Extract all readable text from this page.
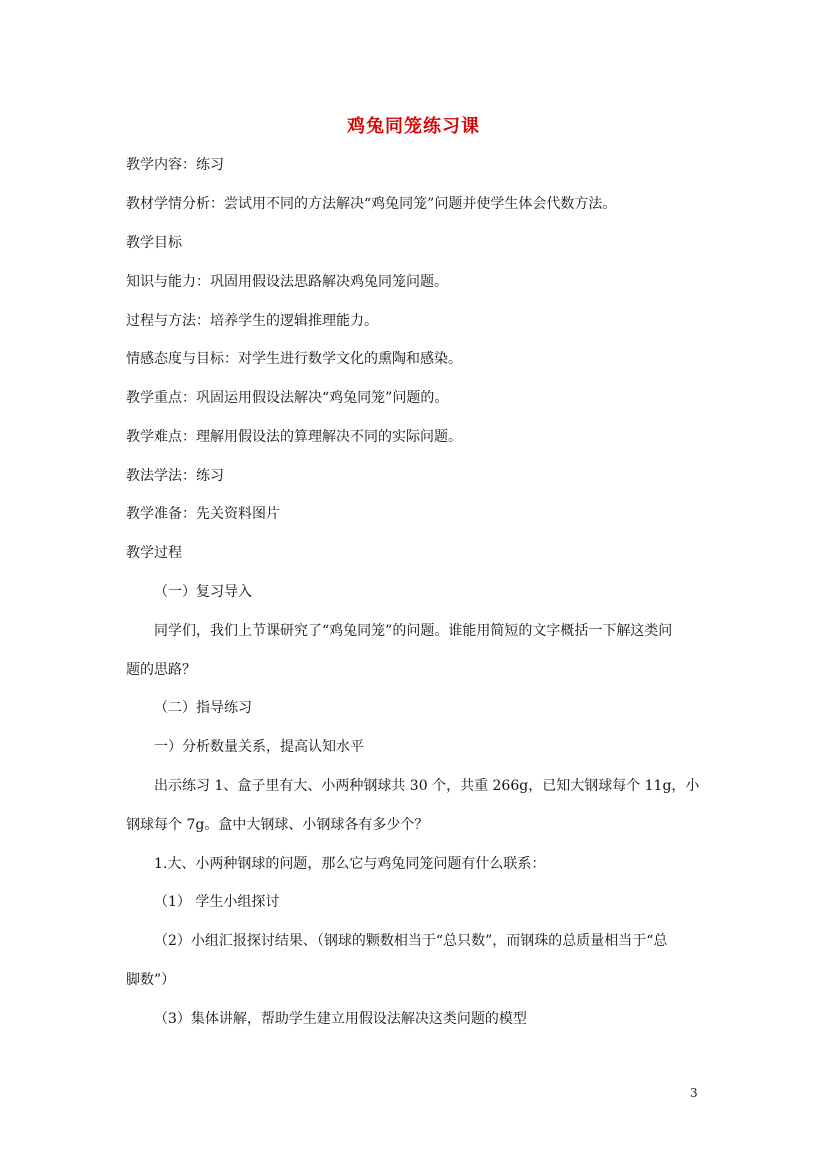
鸡兔同笼练习课
教学内容：练习
教材学情分析：尝试用不同的方法解决“鸡兔同笼”问题并使学生体会代数方法。
教学目标
知识与能力：巩固用假设法思路解决鸡兔同笼问题。
过程与方法：培养学生的逻辑推理能力。
情感态度与目标：对学生进行数学文化的熏陶和感染。
教学重点：巩固运用假设法解决“鸡兔同笼”问题的。
教学难点：理解用假设法的算理解决不同的实际问题。
教法学法：练习
教学准备：先关资料图片
教学过程
（一）复习导入
同学们，我们上节课研究了“鸡兔同笼”的问题。谁能用简短的文字概括一下解这类问
题的思路？
（二）指导练习
一）分析数量关系，提高认知水平
出示练习 1、盒子里有大、小两种钢球共 30 个，共重 266g，已知大钢球每个 11g，小
钢球每个 7g。盒中大钢球、小钢球各有多少个？
1.大、小两种钢球的问题，那么它与鸡兔同笼问题有什么联系：
（1） 学生小组探讨
（2）小组汇报探讨结果、（钢球的颗数相当于“总只数”，而钢珠的总质量相当于“总
脚数”）
（3）集体讲解，帮助学生建立用假设法解决这类问题的模型
3
